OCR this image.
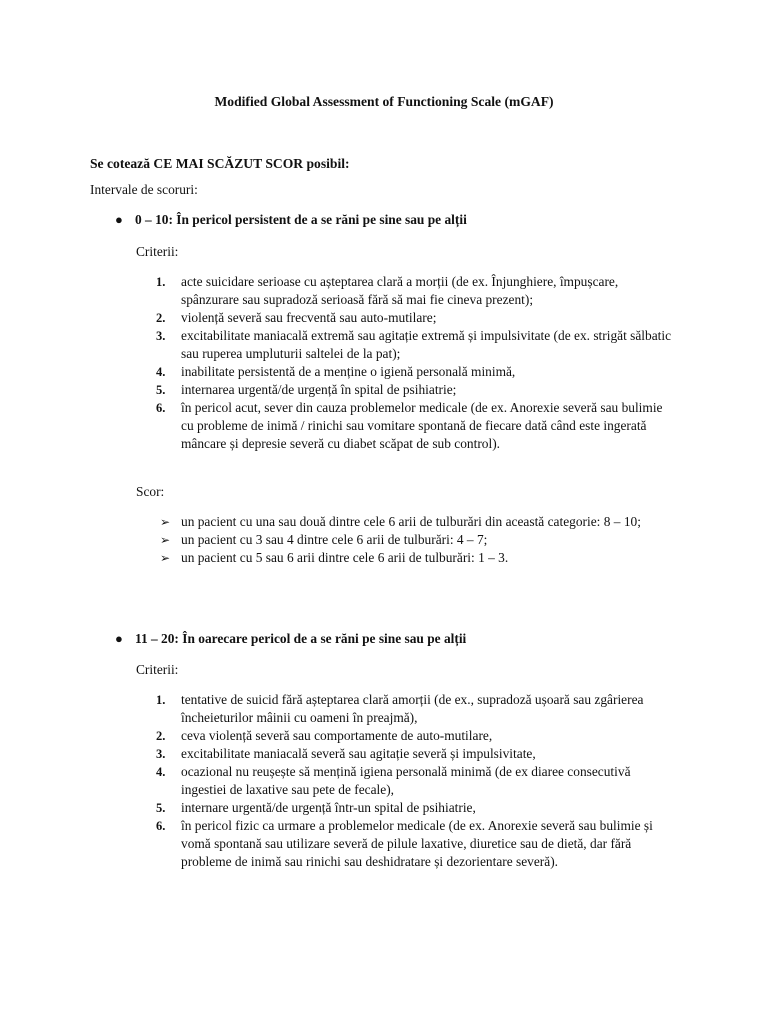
Modified Global Assessment of Functioning Scale (mGAF)
Se cotează CE MAI SCĂZUT SCOR posibil:
Intervale de scoruri:
● 0 – 10: În pericol persistent de a se răni pe sine sau pe alții
Criterii:
1. acte suicidare serioase cu așteptarea clară a morții (de ex. Înjunghiere, împușcare, spânzurare sau supradoză serioasă fără să mai fie cineva prezent);
2. violență severă sau frecventă sau auto-mutilare;
3. excitabilitate maniacală extremă sau agitație extremă și impulsivitate (de ex. strigăt sălbatic sau ruperea umpluturii saltelei de la pat);
4. inabilitate persistentă de a menține o igienă personală minimă,
5. internarea urgentă/de urgență în spital de psihiatrie;
6. în pericol acut, sever din cauza problemelor medicale (de ex. Anorexie severă sau bulimie cu probleme de inimă / rinichi sau vomitare spontană de fiecare dată când este ingerată mâncare și depresie severă cu diabet scăpat de sub control).
Scor:
➢ un pacient cu una sau două dintre cele 6 arii de tulburări din această categorie: 8 – 10;
➢ un pacient cu 3 sau 4 dintre cele 6 arii de tulburări: 4 – 7;
➢ un pacient cu 5 sau 6 arii dintre cele 6 arii de tulburări: 1 – 3.
● 11 – 20: În oarecare pericol de a se răni pe sine sau pe alții
Criterii:
1. tentative de suicid fără așteptarea clară amorții (de ex., supradoză ușoară sau zgârierea încheieturilor mâinii cu oameni în preajmă),
2. ceva violență severă sau comportamente de auto-mutilare,
3. excitabilitate maniacală severă sau agitație severă și impulsivitate,
4. ocazional nu reușește să mențină igiena personală minimă (de ex diaree consecutivă ingestiei de laxative sau pete de fecale),
5. internare urgentă/de urgență într-un spital de psihiatrie,
6. în pericol fizic ca urmare a problemelor medicale (de ex. Anorexie severă sau bulimie și vomă spontană sau utilizare severă de pilule laxative, diuretice sau de dietă, dar fără probleme de inimă sau rinichi sau deshidratare și dezorientare severă).
